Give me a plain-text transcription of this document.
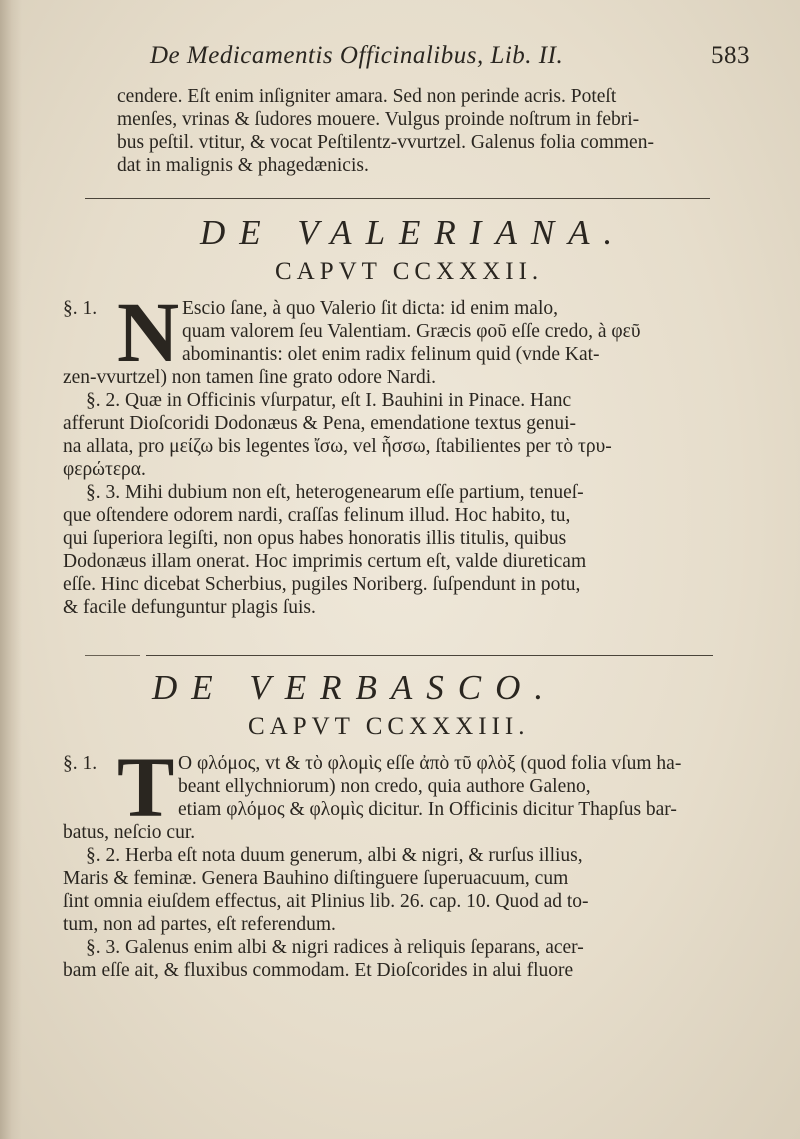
De Medicamentis Officinalibus, Lib. II.	583
cendere. Eſt enim inſigniter amara. Sed non perinde acris. Poteſt
menſes, vrinas & ſudores mouere. Vulgus proinde noſtrum in febri-
bus peſtil. vtitur, & vocat Peſtilentz-vvurtzel. Galenus folia commen-
dat in malignis & phagedænicis.
DE VALERIANA.
CAPVT CCXXXII.
§. 1. N Escio ſane, à quo Valerio ſit dicta: id enim malo,
quam valorem ſeu Valentiam. Græcis φοῦ eſſe credo, à φεῦ
abominantis: olet enim radix felinum quid (vnde Kat-
zen-vvurtzel) non tamen ſine grato odore Nardi.
§. 2. Quæ in Officinis vſurpatur, eſt I. Bauhini in Pinace. Hanc
afferunt Dioſcoridi Dodonæus & Pena, emendatione textus genui-
na allata, pro μείζω bis legentes ἴσω, vel ἧσσω, ſtabilientes per τὸ τρυ-
φερώτερα.
§. 3. Mihi dubium non eſt, heterogenearum eſſe partium, tenueſ-
que oſtendere odorem nardi, craſſas felinum illud. Hoc habito, tu,
qui ſuperiora legiſti, non opus habes honoratis illis titulis, quibus
Dodonæus illam onerat. Hoc imprimis certum eſt, valde diureticam
eſſe. Hinc dicebat Scherbius, pugiles Noriberg. ſuſpendunt in potu,
& facile defunguntur plagis ſuis.
DE VERBASCO.
CAPVT CCXXXIII.
§. 1. T O φλόμος, vt & τὸ φλομὶς eſſe ἀπὸ τῦ φλὸξ (quod folia vſum ha-
beant ellychniorum) non credo, quia authore Galeno,
etiam φλόμος & φλομὶς dicitur. In Officinis dicitur Thapſus bar-
batus, neſcio cur.
§. 2. Herba eſt nota duum generum, albi & nigri, & rurſus illius,
Maris & feminæ. Genera Bauhino diſtinguere ſuperuacuum, cum
ſint omnia eiuſdem effectus, ait Plinius lib. 26. cap. 10. Quod ad to-
tum, non ad partes, eſt referendum.
§. 3. Galenus enim albi & nigri radices à reliquis ſeparans, acer-
bam eſſe ait, & fluxibus commodam. Et Dioſcorides in alui fluore
